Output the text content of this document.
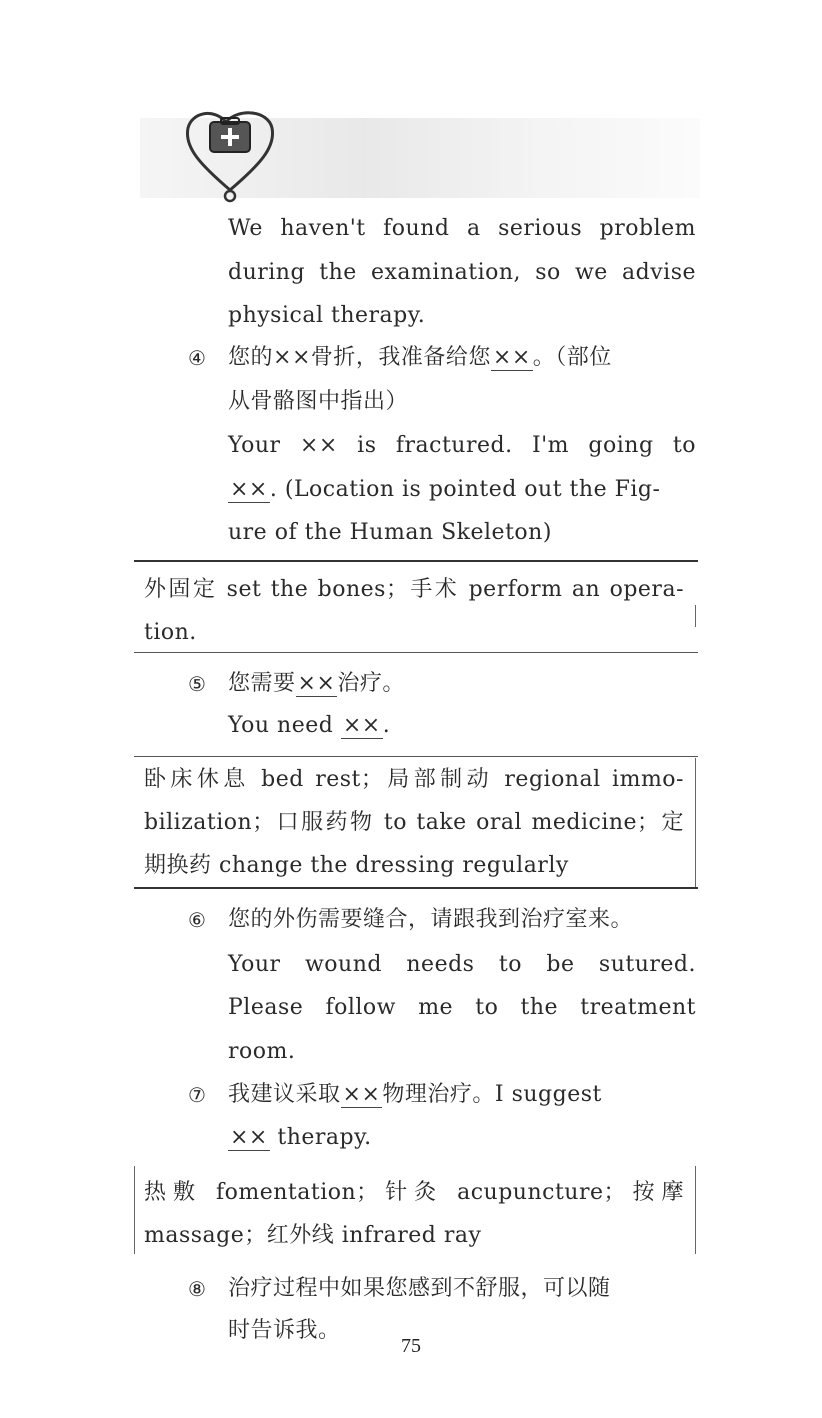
We haven't found a serious problem
during the examination, so we advise
physical therapy.
④ 您的××骨折，我准备给您××。（部位
从骨骼图中指出）
Your ×× is fractured. I'm going to
××. (Location is pointed out the Fig-
ure of the Human Skeleton)
外固定 set the bones；手术 perform an opera-
tion.
⑤ 您需要××治疗。
You need ××.
卧床休息 bed rest；局部制动 regional immo-
bilization；口服药物 to take oral medicine；定
期换药 change the dressing regularly
⑥ 您的外伤需要缝合，请跟我到治疗室来。
Your wound needs to be sutured.
Please follow me to the treatment
room.
⑦ 我建议采取××物理治疗。I suggest
×× therapy.
热敷 fomentation；针灸 acupuncture；按摩
massage；红外线 infrared ray
⑧ 治疗过程中如果您感到不舒服，可以随
时告诉我。
75
